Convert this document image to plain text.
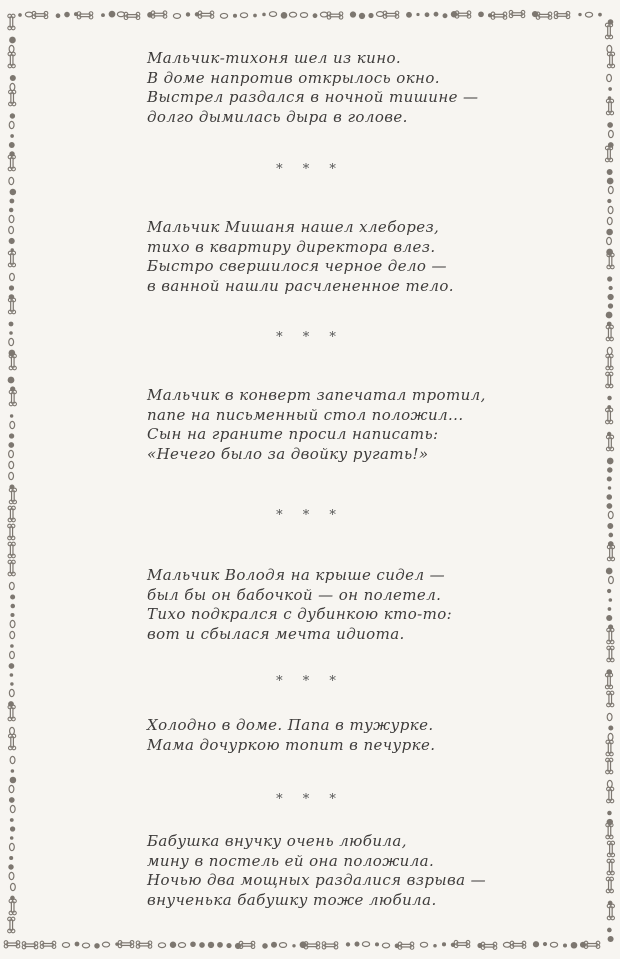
Мальчик-тихоня шел из кино.
В доме напротив открылось окно.
Выстрел раздался в ночной тишине —
долго дымилась дыра в голове.
* * *
Мальчик Мишаня нашел хлеборез,
тихо в квартиру директора влез.
Быстро свершилося черное дело —
в ванной нашли расчлененное тело.
* * *
Мальчик в конверт запечатал тротил,
папе на письменный стол положил...
Сын на граните просил написать:
«Нечего было за двойку ругать!»
* * *
Мальчик Володя на крыше сидел —
был бы он бабочкой — он полетел.
Тихо подкрался с дубинкою кто-то:
вот и сбылася мечта идиота.
* * *
Холодно в доме. Папа в тужурке.
Мама дочуркою топит в печурке.
* * *
Бабушка внучку очень любила,
мину в постель ей она положила.
Ночью два мощных раздалися взрыва —
внученька бабушку тоже любила.
